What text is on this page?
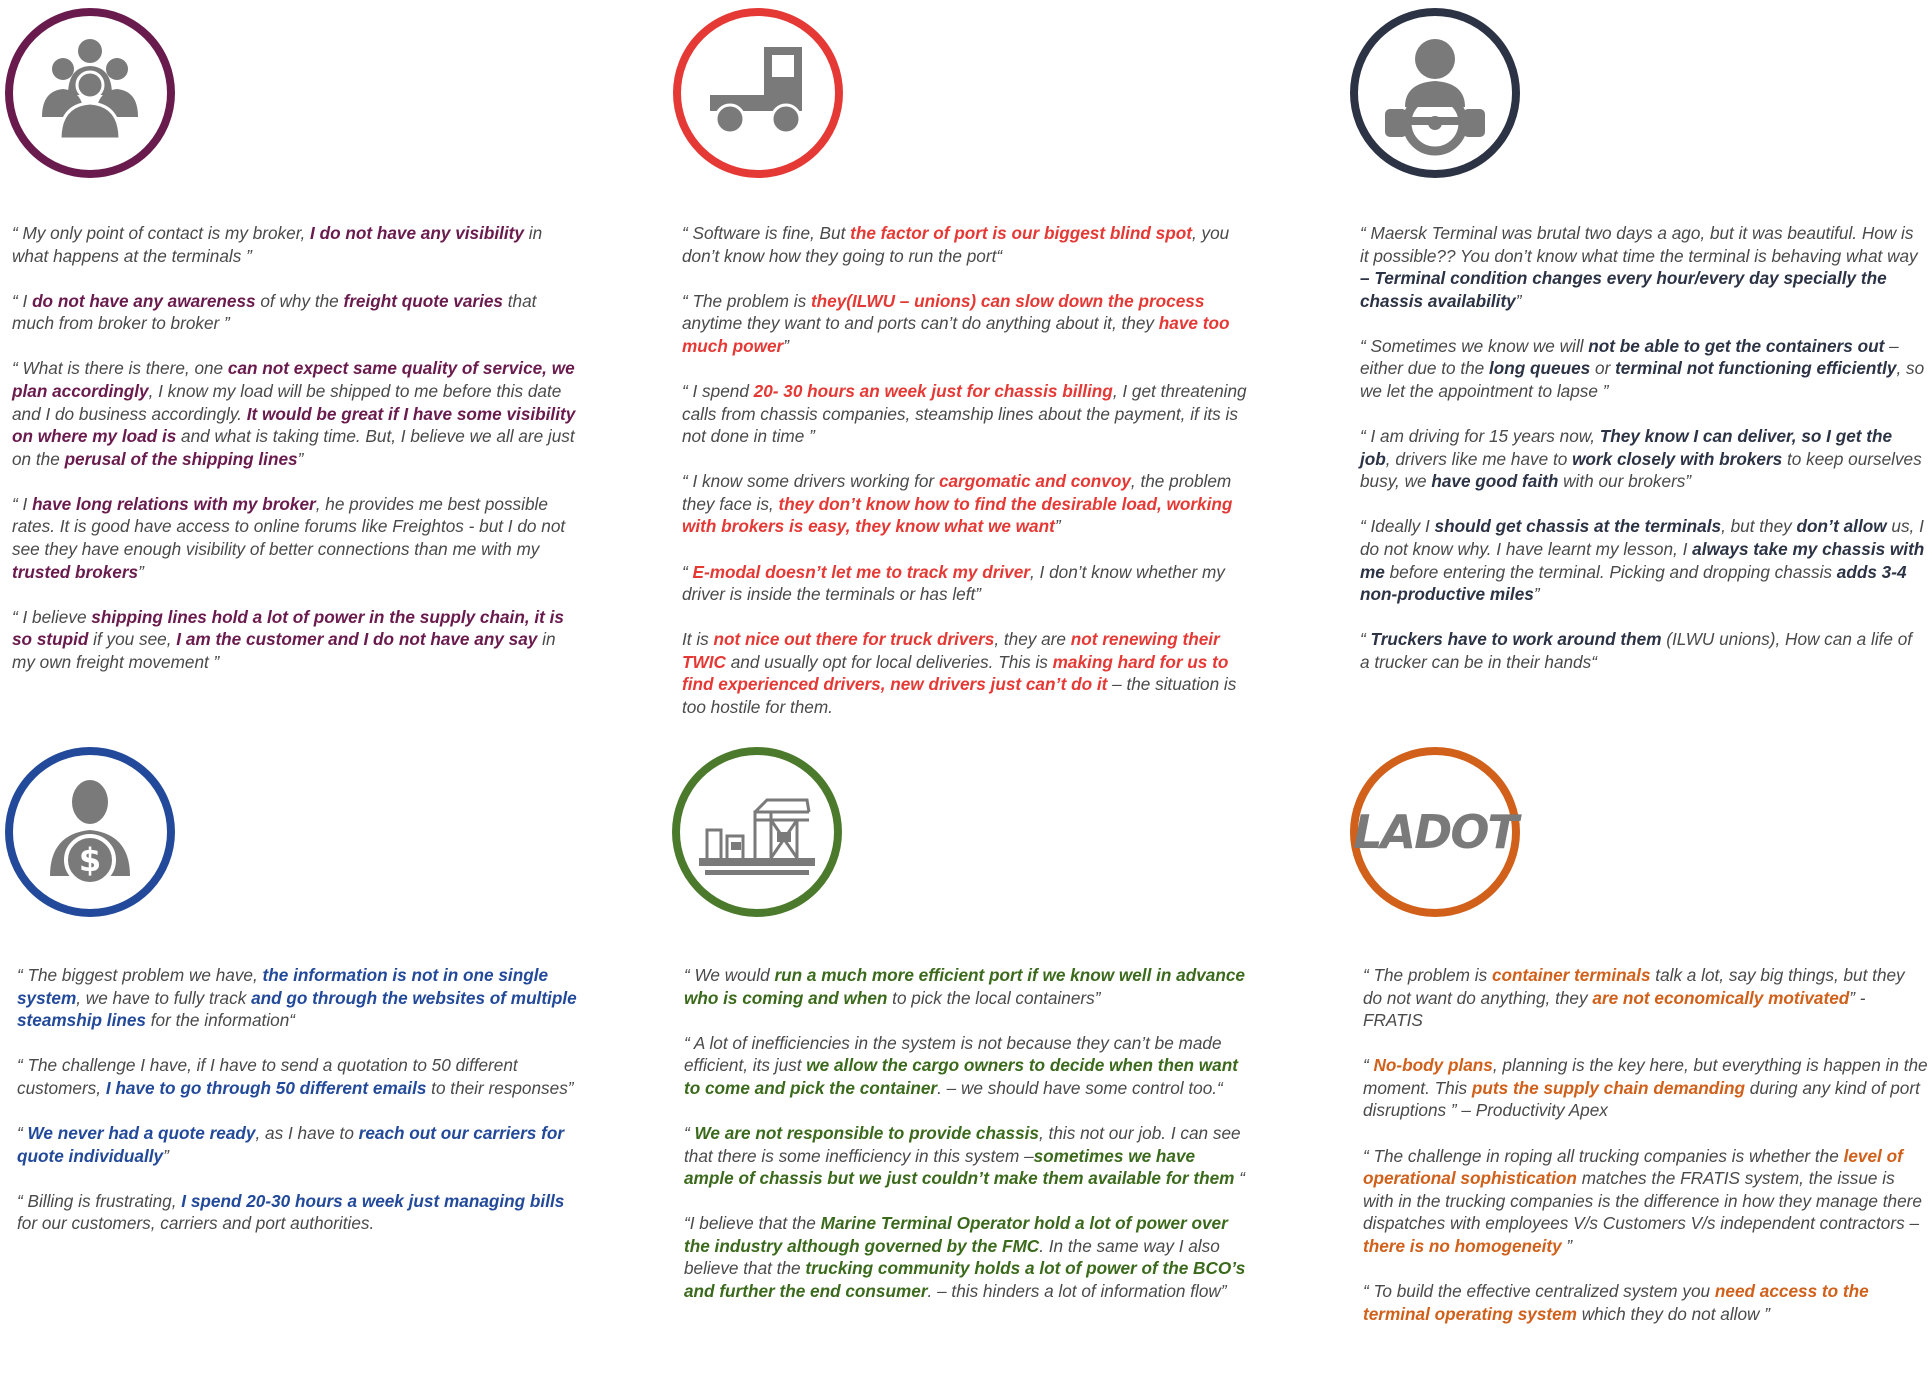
“ My only point of contact is my broker, I do not have any visibility in what happens at the terminals ”

“ I do not have any awareness of why the freight quote varies that much from broker to broker ”

“ What is there is there, one can not expect same quality of service, we plan accordingly, I know my load will be shipped to me before this date and I do business accordingly. It would be great if I have some visibility on where my load is and what is taking time. But, I believe we all are just on the perusal of the shipping lines”

“ I have long relations with my broker, he provides me best possible rates. It is good have access to online forums like Freightos - but I do not see they have enough visibility of better connections than me with my trusted brokers”

“ I believe shipping lines hold a lot of power in the supply chain, it is so stupid if you see, I am the customer and I do not have any say in my own freight movement ”

“ Software is fine, But the factor of port is our biggest blind spot, you don’t know how they going to run the port“

“ The problem is they(ILWU – unions) can slow down the process anytime they want to and ports can’t do anything about it, they have too much power”

“ I spend 20- 30 hours an week just for chassis billing, I get threatening calls from chassis companies, steamship lines about the payment, if its is not done in time ”

“ I know some drivers working for cargomatic and convoy, the problem they face is, they don’t know how to find the desirable load, working with brokers is easy, they know what we want”

“ E-modal doesn’t let me to track my driver, I don’t know whether my driver is inside the terminals or has left”

It is not nice out there for truck drivers, they are not renewing their TWIC and usually opt for local deliveries. This is making hard for us to find experienced drivers, new drivers just can’t do it – the situation is too hostile for them.

“ Maersk Terminal was brutal two days a ago, but it was beautiful. How is it possible?? You don’t know what time the terminal is behaving what way – Terminal condition changes every hour/every day specially the chassis availability”

“ Sometimes we know we will not be able to get the containers out – either due to the long queues or terminal not functioning efficiently, so we let the appointment to lapse ”

“ I am driving for 15 years now, They know I can deliver, so I get the job, drivers like me have to work closely with brokers to keep ourselves busy, we have good faith with our brokers”

“ Ideally I should get chassis at the terminals, but they don’t allow us, I do not know why. I have learnt my lesson, I always take my chassis with me before entering the terminal. Picking and dropping chassis adds 3-4 non-productive miles”

“ Truckers have to work around them (ILWU unions), How can a life of a trucker can be in their hands“

$

“ The biggest problem we have, the information is not in one single system, we have to fully track and go through the websites of multiple steamship lines for the information“

“ The challenge I have, if I have to send a quotation to 50 different customers, I have to go through 50 different emails to their responses”

“ We never had a quote ready, as I have to reach out our carriers for quote individually”

“ Billing is frustrating, I spend 20-30 hours a week just managing bills for our customers, carriers and port authorities.

“ We would run a much more efficient port if we know well in advance who is coming and when to pick the local containers”

“ A lot of inefficiencies in the system is not because they can’t be made efficient, its just we allow the cargo owners to decide when then want to come and pick the container. – we should have some control too.“

“ We are not responsible to provide chassis, this not our job. I can see that there is some inefficiency in this system –sometimes we have ample of chassis but we just couldn’t make them available for them “

“I believe that the Marine Terminal Operator hold a lot of power over the industry although governed by the FMC. In the same way I also believe that the trucking community holds a lot of power of the BCO’s and further the end consumer. – this hinders a lot of information flow”

LADOT

“ The problem is container terminals talk a lot, say big things, but they do not want do anything, they are not economically motivated” - FRATIS

“ No-body plans, planning is the key here, but everything is happen in the moment. This puts the supply chain demanding during any kind of port disruptions ” – Productivity Apex

“ The challenge in roping all trucking companies is whether the level of operational sophistication matches the FRATIS system, the issue is with in the trucking companies is the difference in how they manage there dispatches with employees V/s Customers V/s independent contractors – there is no homogeneity ”

“ To build the effective centralized system you need access to the terminal operating system which they do not allow ”
